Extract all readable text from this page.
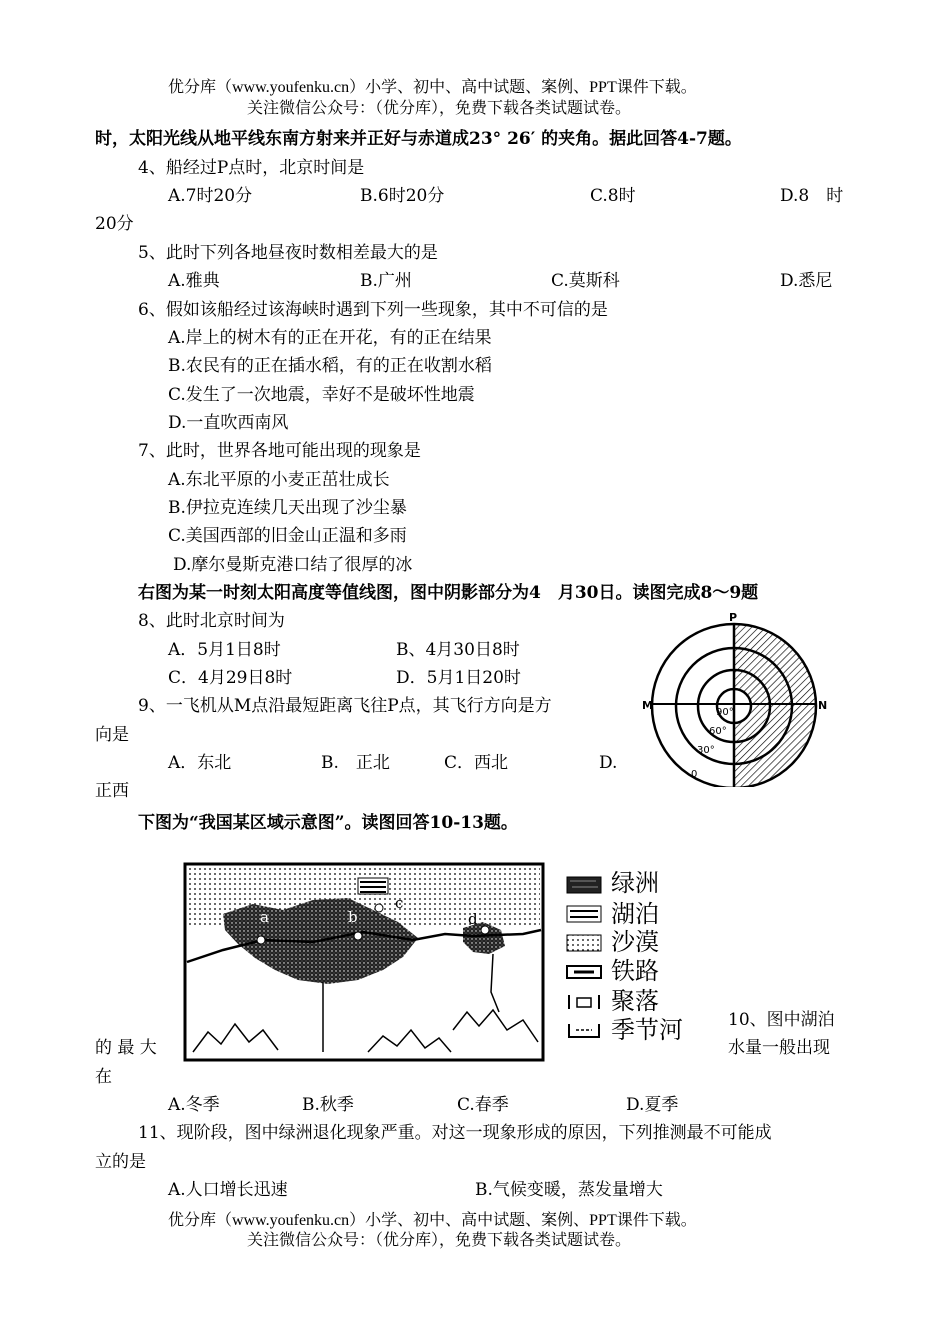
优分库（www.youfenku.cn）小学、初中、高中试题、案例、PPT课件下载。
关注微信公众号：（优分库），免费下载各类试题试卷。
时，太阳光线从地平线东南方射来并正好与赤道成23° 26′ 的夹角。据此回答4-7题。
4、船经过P点时，北京时间是
A.7时20分	B.6时20分	C.8时	D.8　时
20分
5、此时下列各地昼夜时数相差最大的是
A.雅典	B.广州	C.莫斯科	D.悉尼
6、假如该船经过该海峡时遇到下列一些现象，其中不可信的是
A.岸上的树木有的正在开花，有的正在结果
B.农民有的正在插水稻，有的正在收割水稻
C.发生了一次地震，幸好不是破坏性地震
D.一直吹西南风
7、此时，世界各地可能出现的现象是
A.东北平原的小麦正茁壮成长
B.伊拉克连续几天出现了沙尘暴
C.美国西部的旧金山正温和多雨
D.摩尔曼斯克港口结了很厚的冰
右图为某一时刻太阳高度等值线图，图中阴影部分为4　月30日。读图完成8～9题
8、此时北京时间为
A．5月1日8时	B、4月30日8时
C．4月29日8时	D．5月1日20时
9、一飞机从M点沿最短距离飞往P点，其飞行方向是方
向是
A．东北	B.　正北	C．西北	D.
正西
P
M	N
90°
60°
30°
0
下图为“我国某区域示意图”。读图回答10-13题。
a	b
c
d
绿洲
湖泊
沙漠
铁路
聚落
季节河	10、图中湖泊
水量一般出现
的 最 大
在
A.冬季	B.秋季	C.春季	D.夏季
11、现阶段，图中绿洲退化现象严重。对这一现象形成的原因，下列推测最不可能成
立的是
A.人口增长迅速	B.气候变暖，蒸发量增大
优分库（www.youfenku.cn）小学、初中、高中试题、案例、PPT课件下载。
关注微信公众号：（优分库），免费下载各类试题试卷。
